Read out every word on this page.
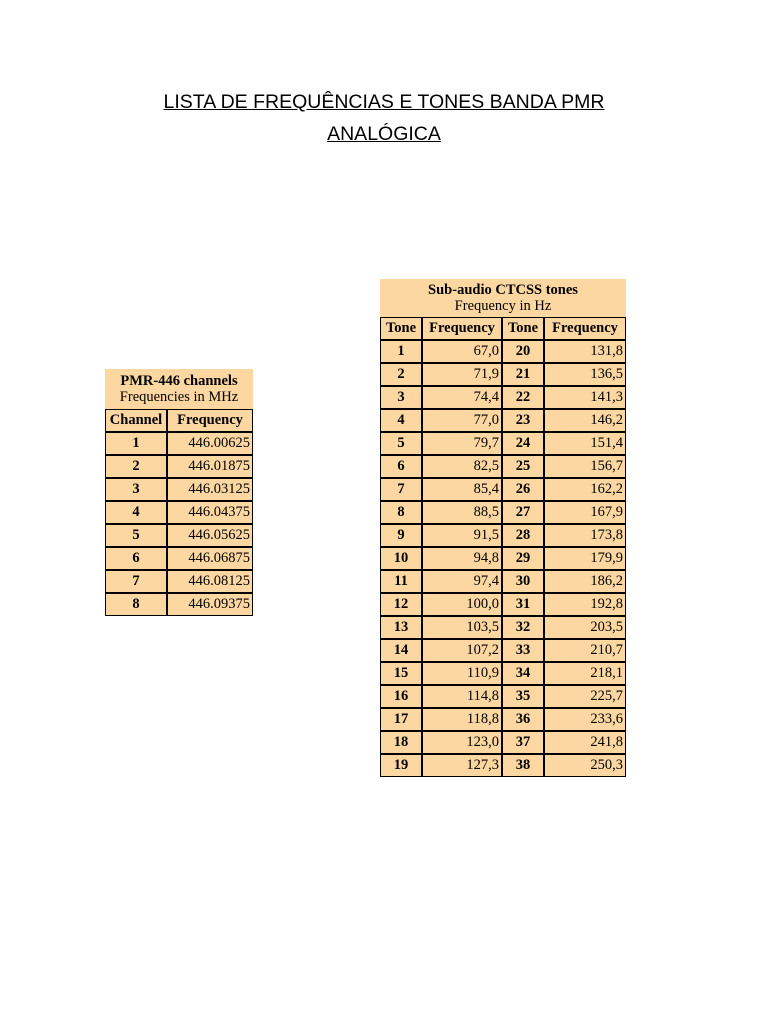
LISTA DE FREQUÊNCIAS E TONES BANDA PMR
ANALÓGICA
PMR-446 channels
Frequencies in MHz	

Channel	Frequency
1	446.00625
2	446.01875
3	446.03125
4	446.04375
5	446.05625
6	446.06875
7	446.08125
8	446.09375
Sub-audio CTCSS tones
Frequency in Hz			

Tone	Frequency	Tone	Frequency
1	67,0	20	131,8
2	71,9	21	136,5
3	74,4	22	141,3
4	77,0	23	146,2
5	79,7	24	151,4
6	82,5	25	156,7
7	85,4	26	162,2
8	88,5	27	167,9
9	91,5	28	173,8
10	94,8	29	179,9
11	97,4	30	186,2
12	100,0	31	192,8
13	103,5	32	203,5
14	107,2	33	210,7
15	110,9	34	218,1
16	114,8	35	225,7
17	118,8	36	233,6
18	123,0	37	241,8
19	127,3	38	250,3
